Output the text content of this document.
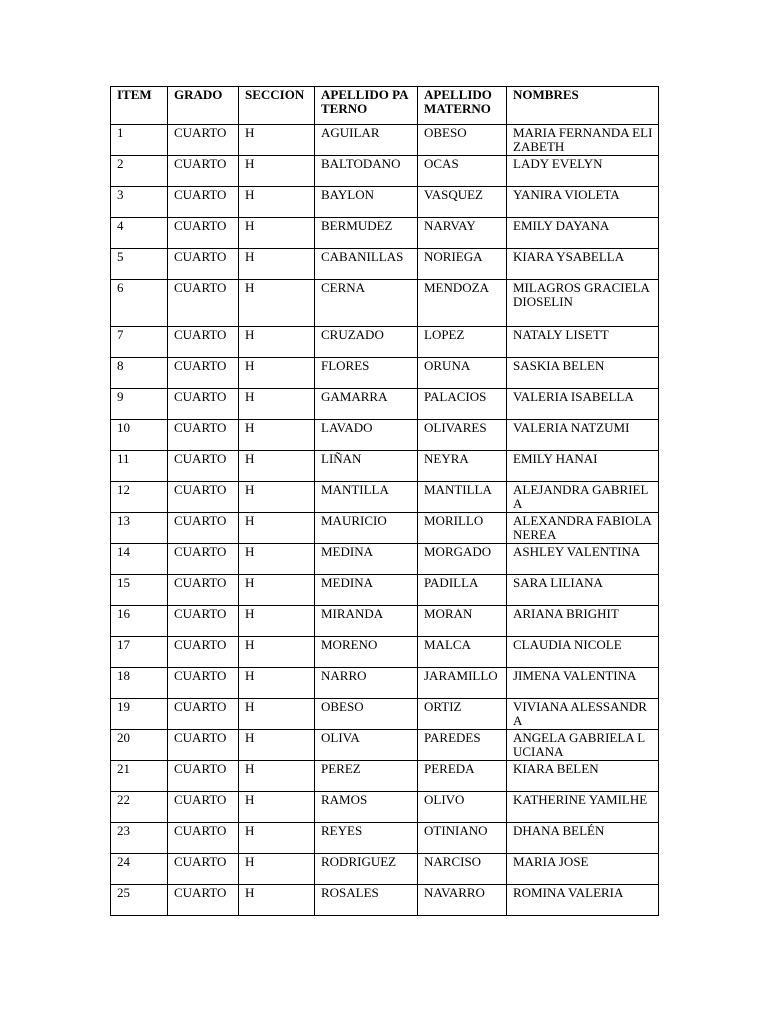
ITEM	GRADO	SECCION	APELLIDO PATERNO	APELLIDO MATERNO	NOMBRES
1	CUARTO	H	AGUILAR	OBESO	MARIA FERNANDA ELIZABETH
2	CUARTO	H	BALTODANO	OCAS	LADY EVELYN
3	CUARTO	H	BAYLON	VASQUEZ	YANIRA VIOLETA
4	CUARTO	H	BERMUDEZ	NARVAY	EMILY DAYANA
5	CUARTO	H	CABANILLAS	NORIEGA	KIARA YSABELLA
6	CUARTO	H	CERNA	MENDOZA	MILAGROS GRACIELA DIOSELIN
7	CUARTO	H	CRUZADO	LOPEZ	NATALY LISETT
8	CUARTO	H	FLORES	ORUNA	SASKIA BELEN
9	CUARTO	H	GAMARRA	PALACIOS	VALERIA ISABELLA
10	CUARTO	H	LAVADO	OLIVARES	VALERIA NATZUMI
11	CUARTO	H	LIÑAN	NEYRA	EMILY HANAI
12	CUARTO	H	MANTILLA	MANTILLA	ALEJANDRA GABRIELA
13	CUARTO	H	MAURICIO	MORILLO	ALEXANDRA FABIOLA NEREA
14	CUARTO	H	MEDINA	MORGADO	ASHLEY VALENTINA
15	CUARTO	H	MEDINA	PADILLA	SARA LILIANA
16	CUARTO	H	MIRANDA	MORAN	ARIANA BRIGHIT
17	CUARTO	H	MORENO	MALCA	CLAUDIA NICOLE
18	CUARTO	H	NARRO	JARAMILLO	JIMENA VALENTINA
19	CUARTO	H	OBESO	ORTIZ	VIVIANA ALESSANDRA
20	CUARTO	H	OLIVA	PAREDES	ANGELA GABRIELA LUCIANA
21	CUARTO	H	PEREZ	PEREDA	KIARA BELEN
22	CUARTO	H	RAMOS	OLIVO	KATHERINE YAMILHE
23	CUARTO	H	REYES	OTINIANO	DHANA BELÉN
24	CUARTO	H	RODRIGUEZ	NARCISO	MARIA JOSE
25	CUARTO	H	ROSALES	NAVARRO	ROMINA VALERIA
